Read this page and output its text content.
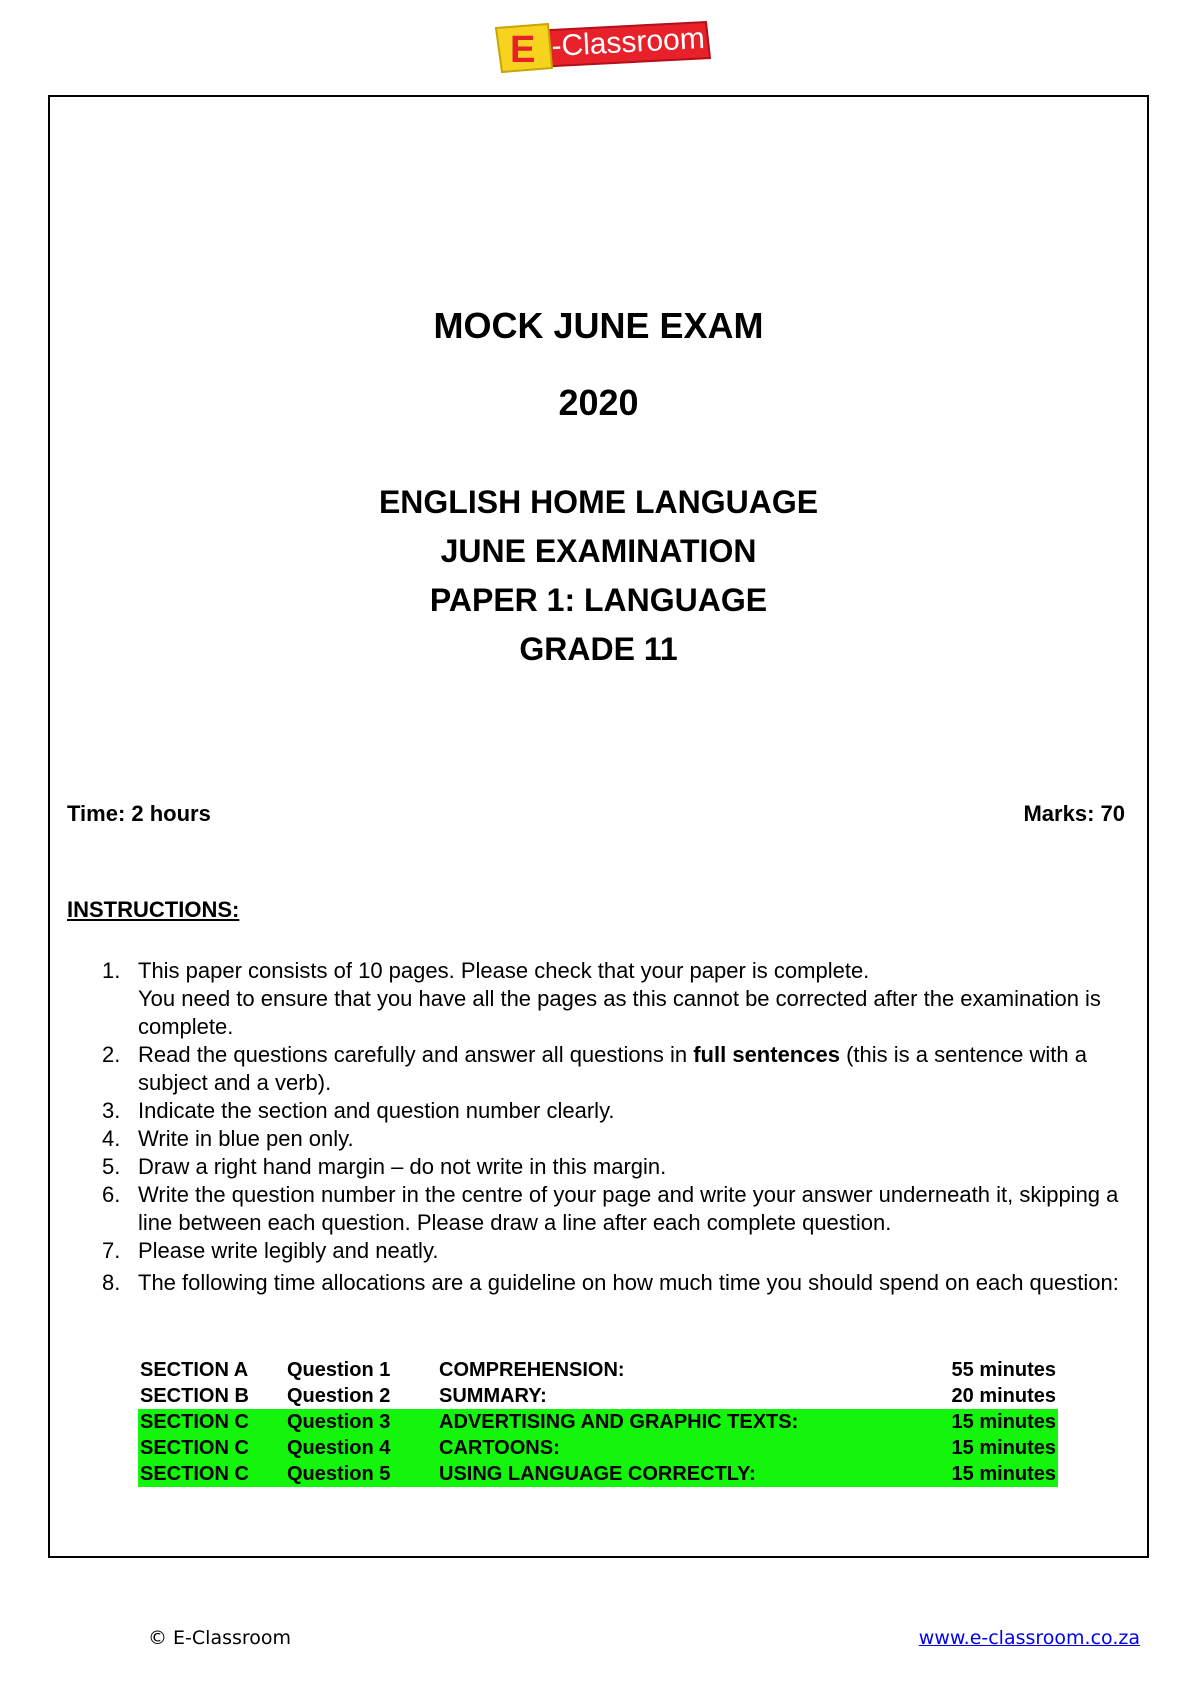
E -Classroom
MOCK JUNE EXAM
2020
ENGLISH HOME LANGUAGE
JUNE EXAMINATION
PAPER 1: LANGUAGE
GRADE 11
Time: 2 hours	Marks: 70
INSTRUCTIONS:
1. This paper consists of 10 pages. Please check that your paper is complete.

You need to ensure that you have all the pages as this cannot be corrected after the examination is complete.

2. Read the questions carefully and answer all questions in full sentences (this is a sentence with a subject and a verb).

3. Indicate the section and question number clearly.

4. Write in blue pen only.

5. Draw a right hand margin – do not write in this margin.

6. Write the question number in the centre of your page and write your answer underneath it, skipping a line between each question. Please draw a line after each complete question.

7. Please write legibly and neatly.

8. The following time allocations are a guideline on how much time you should spend on each question:

SECTION A	Question 1	COMPREHENSION:	55 minutes
SECTION B	Question 2	SUMMARY:	20 minutes
SECTION C	Question 3	ADVERTISING AND GRAPHIC TEXTS:	15 minutes
SECTION C	Question 4	CARTOONS:	15 minutes
SECTION C	Question 5	USING LANGUAGE CORRECTLY:	15 minutes
© E-Classroom	www.e-classroom.co.za
